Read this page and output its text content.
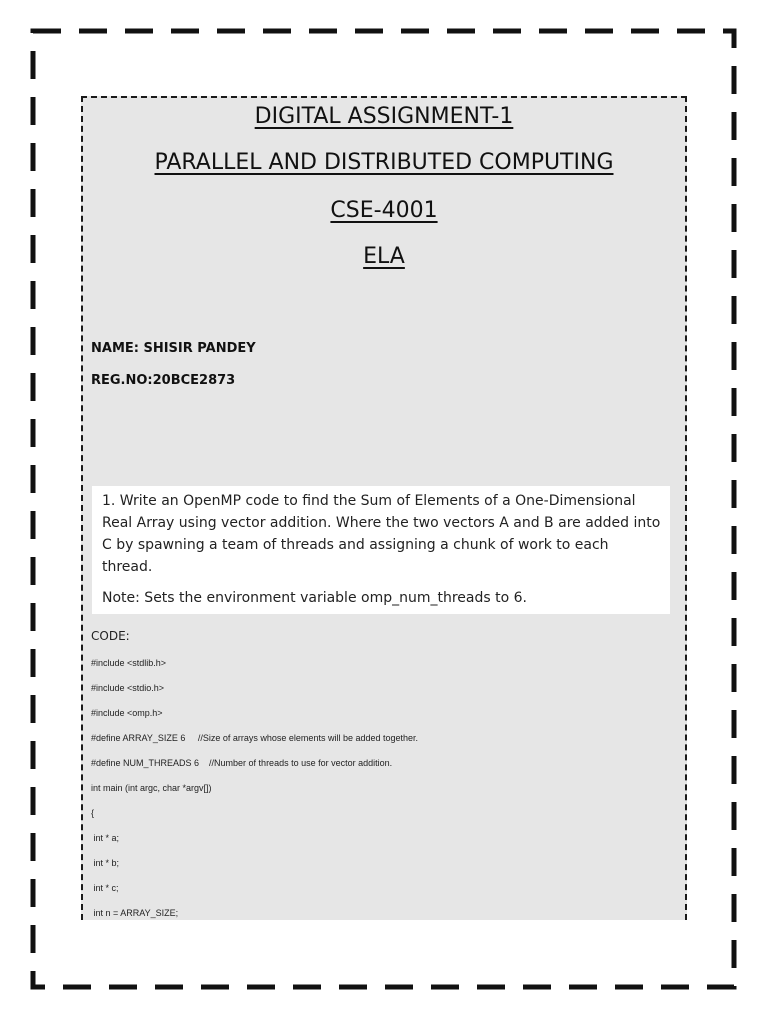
DIGITAL ASSIGNMENT-1
PARALLEL AND DISTRIBUTED COMPUTING
CSE-4001
ELA
NAME: SHISIR PANDEY
REG.NO:20BCE2873
1. Write an OpenMP code to find the Sum of Elements of a One-Dimensional Real Array using vector addition. Where the two vectors A and B are added into C by spawning a team of threads and assigning a chunk of work to each thread.
Note: Sets the environment variable omp_num_threads to 6.
CODE:
#include <stdlib.h>
#include <stdio.h>
#include <omp.h>
#define ARRAY_SIZE 6     //Size of arrays whose elements will be added together.
#define NUM_THREADS 6    //Number of threads to use for vector addition.
int main (int argc, char *argv[])
{
int * a;
int * b;
int * c;
int n = ARRAY_SIZE;
